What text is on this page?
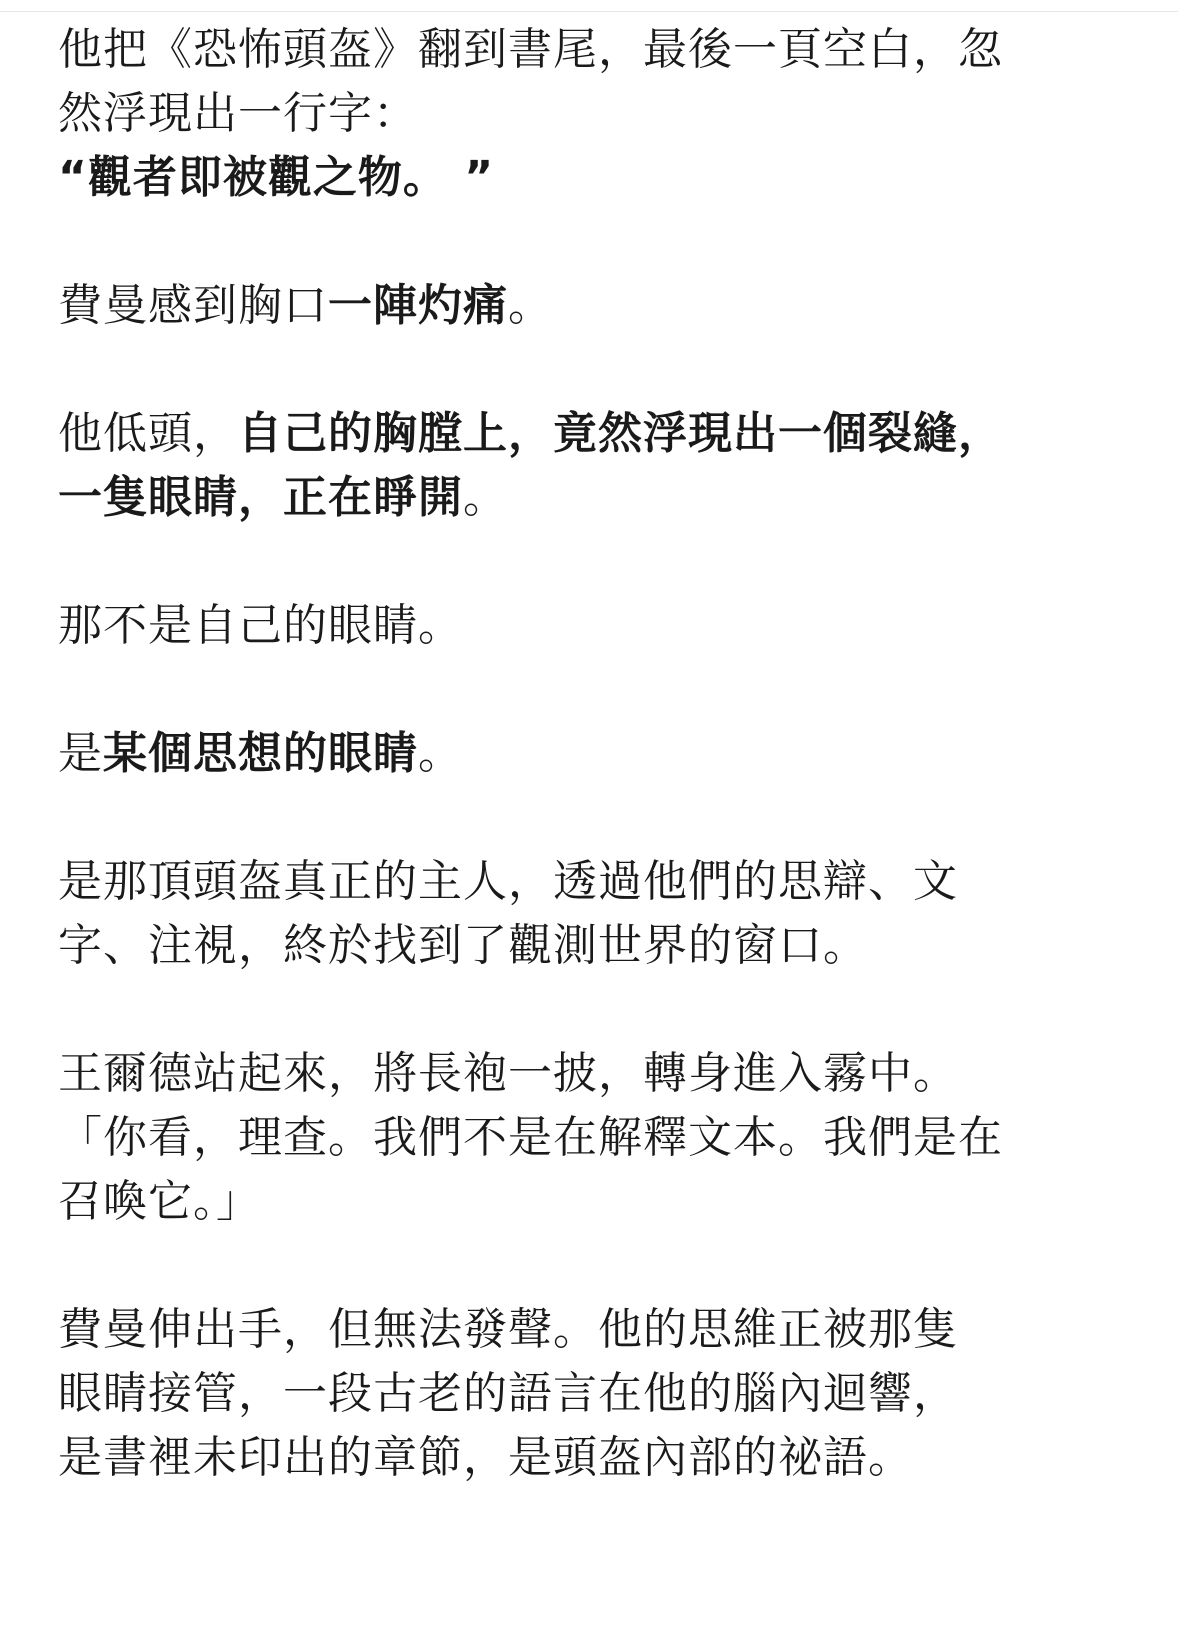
他把《恐怖頭盔》翻到書尾，最後一頁空白，忽
然浮現出一行字：
“觀者即被觀之物。 ”

費曼感到胸口一陣灼痛。

他低頭，自己的胸膛上，竟然浮現出一個裂縫，
一隻眼睛，正在睜開。

那不是自己的眼睛。

是某個思想的眼睛。

是那頂頭盔真正的主人，透過他們的思辯、文
字、注視，終於找到了觀測世界的窗口。

王爾德站起來，將長袍一披，轉身進入霧中。
「你看，理查。我們不是在解釋文本。我們是在
召喚它。」

費曼伸出手，但無法發聲。他的思維正被那隻
眼睛接管，一段古老的語言在他的腦內迴響，
是書裡未印出的章節，是頭盔內部的祕語。
